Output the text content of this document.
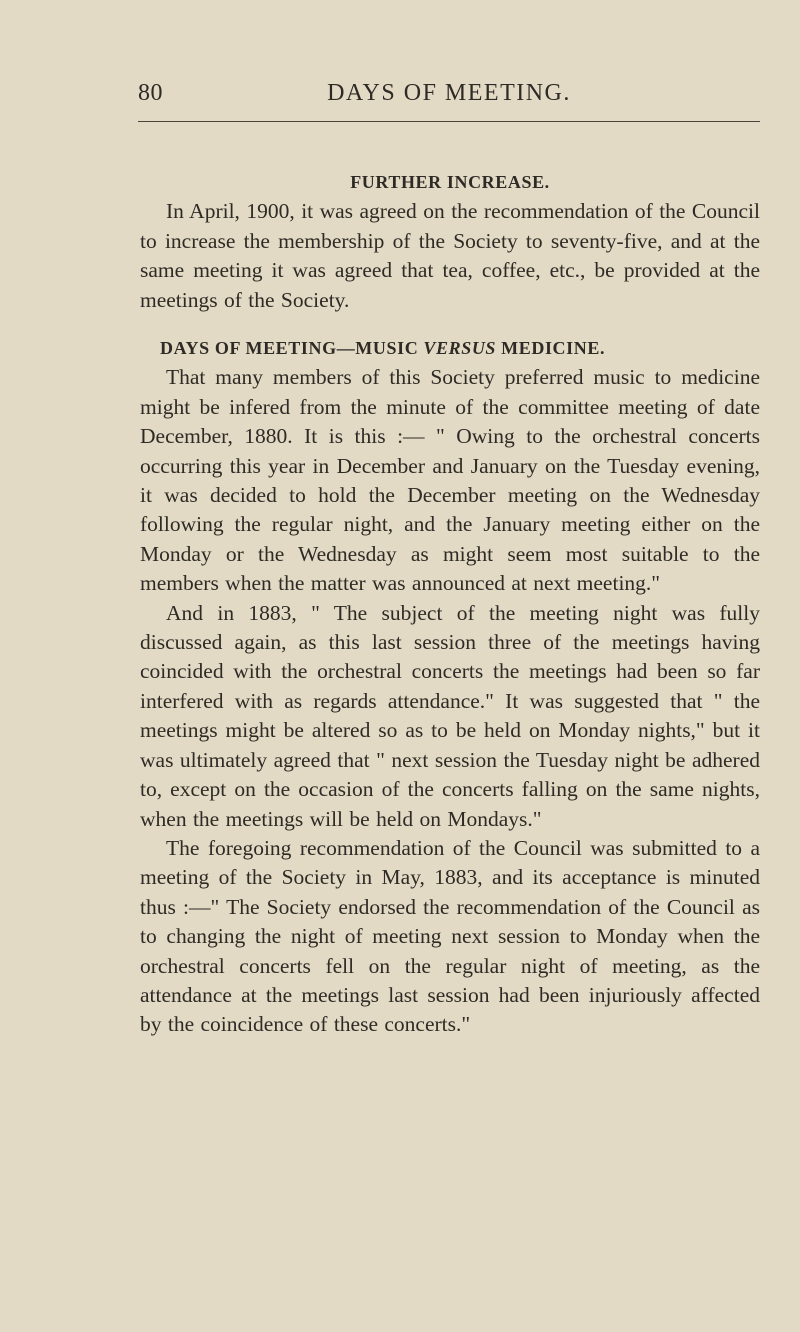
80	DAYS OF MEETING.
FURTHER INCREASE.

In April, 1900, it was agreed on the recommendation of the Council to increase the membership of the Society to seventy-five, and at the same meeting it was agreed that tea, coffee, etc., be provided at the meetings of the Society.

DAYS OF MEETING—MUSIC VERSUS MEDICINE.

That many members of this Society preferred music to medicine might be infered from the minute of the committee meeting of date December, 1880. It is this :— " Owing to the orchestral concerts occurring this year in December and January on the Tuesday evening, it was decided to hold the December meeting on the Wednesday following the regular night, and the January meeting either on the Monday or the Wednesday as might seem most suitable to the members when the matter was announced at next meeting."

And in 1883, " The subject of the meeting night was fully discussed again, as this last session three of the meetings having coincided with the orchestral concerts the meetings had been so far interfered with as regards attendance." It was suggested that " the meetings might be altered so as to be held on Monday nights," but it was ultimately agreed that " next session the Tuesday night be adhered to, except on the occasion of the concerts falling on the same nights, when the meetings will be held on Mondays."

The foregoing recommendation of the Council was submitted to a meeting of the Society in May, 1883, and its acceptance is minuted thus :—" The Society endorsed the recommendation of the Council as to changing the night of meeting next session to Monday when the orchestral concerts fell on the regular night of meeting, as the attendance at the meetings last session had been injuriously affected by the coincidence of these concerts."
